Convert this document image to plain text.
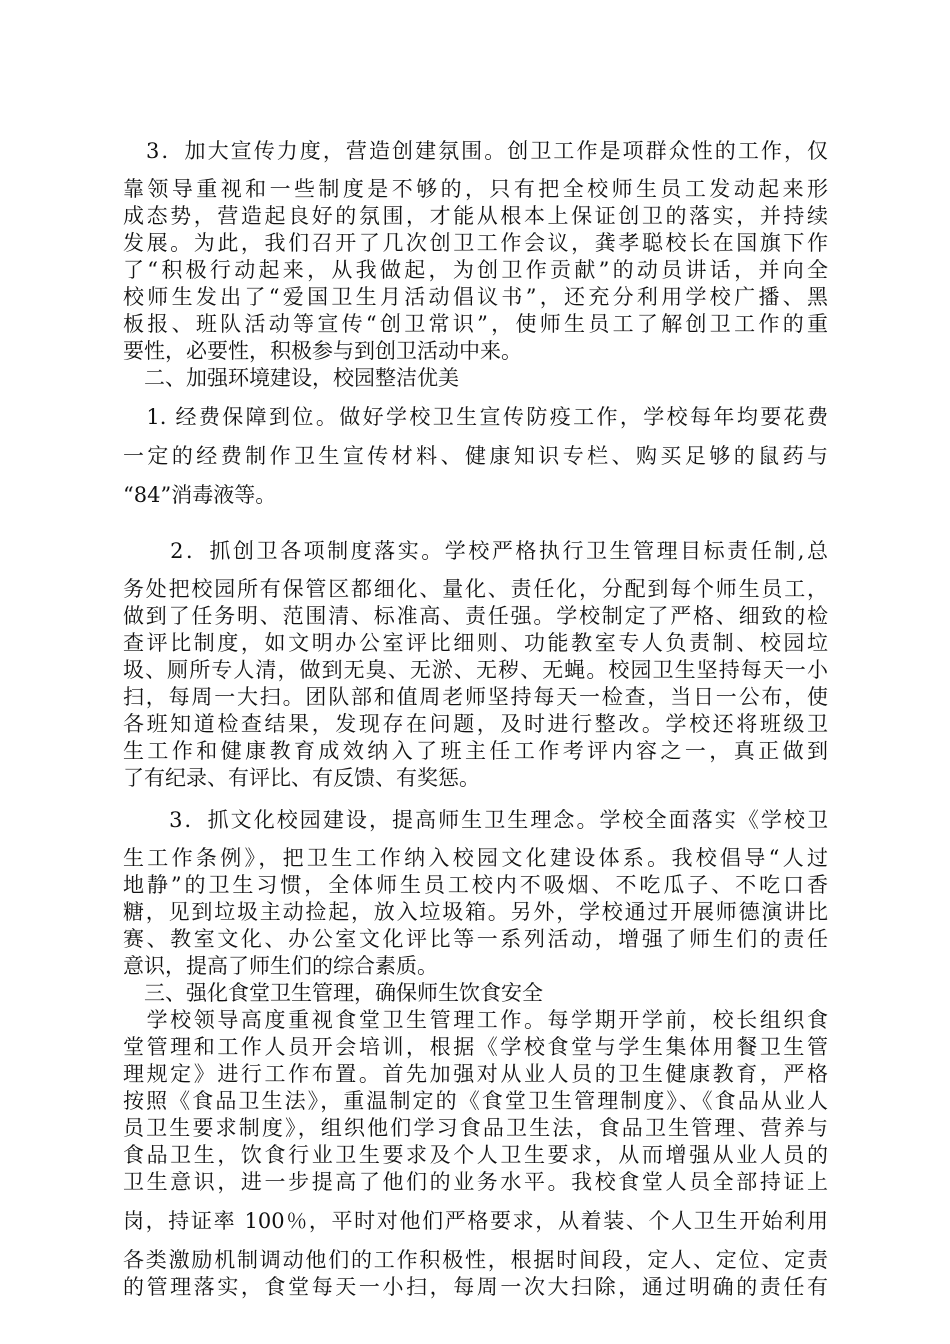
　3．加大宣传力度，营造创建氛围。创卫工作是项群众性的工作，仅
靠领导重视和一些制度是不够的，只有把全校师生员工发动起来形
成态势，营造起良好的氛围，才能从根本上保证创卫的落实，并持续
发展。为此，我们召开了几次创卫工作会议，龚孝聪校长在国旗下作
了“积极行动起来，从我做起，为创卫作贡献”的动员讲话，并向全
校师生发出了“爱国卫生月活动倡议书”，还充分利用学校广播、黑
板报、班队活动等宣传“创卫常识”，使师生员工了解创卫工作的重
要性，必要性，积极参与到创卫活动中来。
　二、加强环境建设，校园整洁优美
　1. 经费保障到位。做好学校卫生宣传防疫工作，学校每年均要花费
一定的经费制作卫生宣传材料、健康知识专栏、购买足够的鼠药与
“84”消毒液等。
　　2．抓创卫各项制度落实。学校严格执行卫生管理目标责任制,总
务处把校园所有保管区都细化、量化、责任化，分配到每个师生员工，
做到了任务明、范围清、标准高、责任强。学校制定了严格、细致的检
查评比制度，如文明办公室评比细则、功能教室专人负责制、校园垃
圾、厕所专人清，做到无臭、无淤、无秽、无蝇。校园卫生坚持每天一小
扫，每周一大扫。团队部和值周老师坚持每天一检查，当日一公布，使
各班知道检查结果，发现存在问题，及时进行整改。学校还将班级卫
生工作和健康教育成效纳入了班主任工作考评内容之一，真正做到
了有纪录、有评比、有反馈、有奖惩。
　　3．抓文化校园建设，提高师生卫生理念。学校全面落实《学校卫
生工作条例》，把卫生工作纳入校园文化建设体系。我校倡导“人过
地静”的卫生习惯，全体师生员工校内不吸烟、不吃瓜子、不吃口香
糖，见到垃圾主动捡起，放入垃圾箱。另外，学校通过开展师德演讲比
赛、教室文化、办公室文化评比等一系列活动，增强了师生们的责任
意识，提高了师生们的综合素质。
　三、强化食堂卫生管理，确保师生饮食安全
　学校领导高度重视食堂卫生管理工作。每学期开学前，校长组织食
堂管理和工作人员开会培训，根据《学校食堂与学生集体用餐卫生管
理规定》进行工作布置。首先加强对从业人员的卫生健康教育，严格
按照《食品卫生法》，重温制定的《食堂卫生管理制度》、《食品从业人
员卫生要求制度》，组织他们学习食品卫生法，食品卫生管理、营养与
食品卫生，饮食行业卫生要求及个人卫生要求，从而增强从业人员的
卫生意识，进一步提高了他们的业务水平。我校食堂人员全部持证上
岗，持证率 100％，平时对他们严格要求，从着装、个人卫生开始利用
各类激励机制调动他们的工作积极性，根据时间段，定人、定位、定责
的管理落实，食堂每天一小扫，每周一次大扫除，通过明确的责任有
